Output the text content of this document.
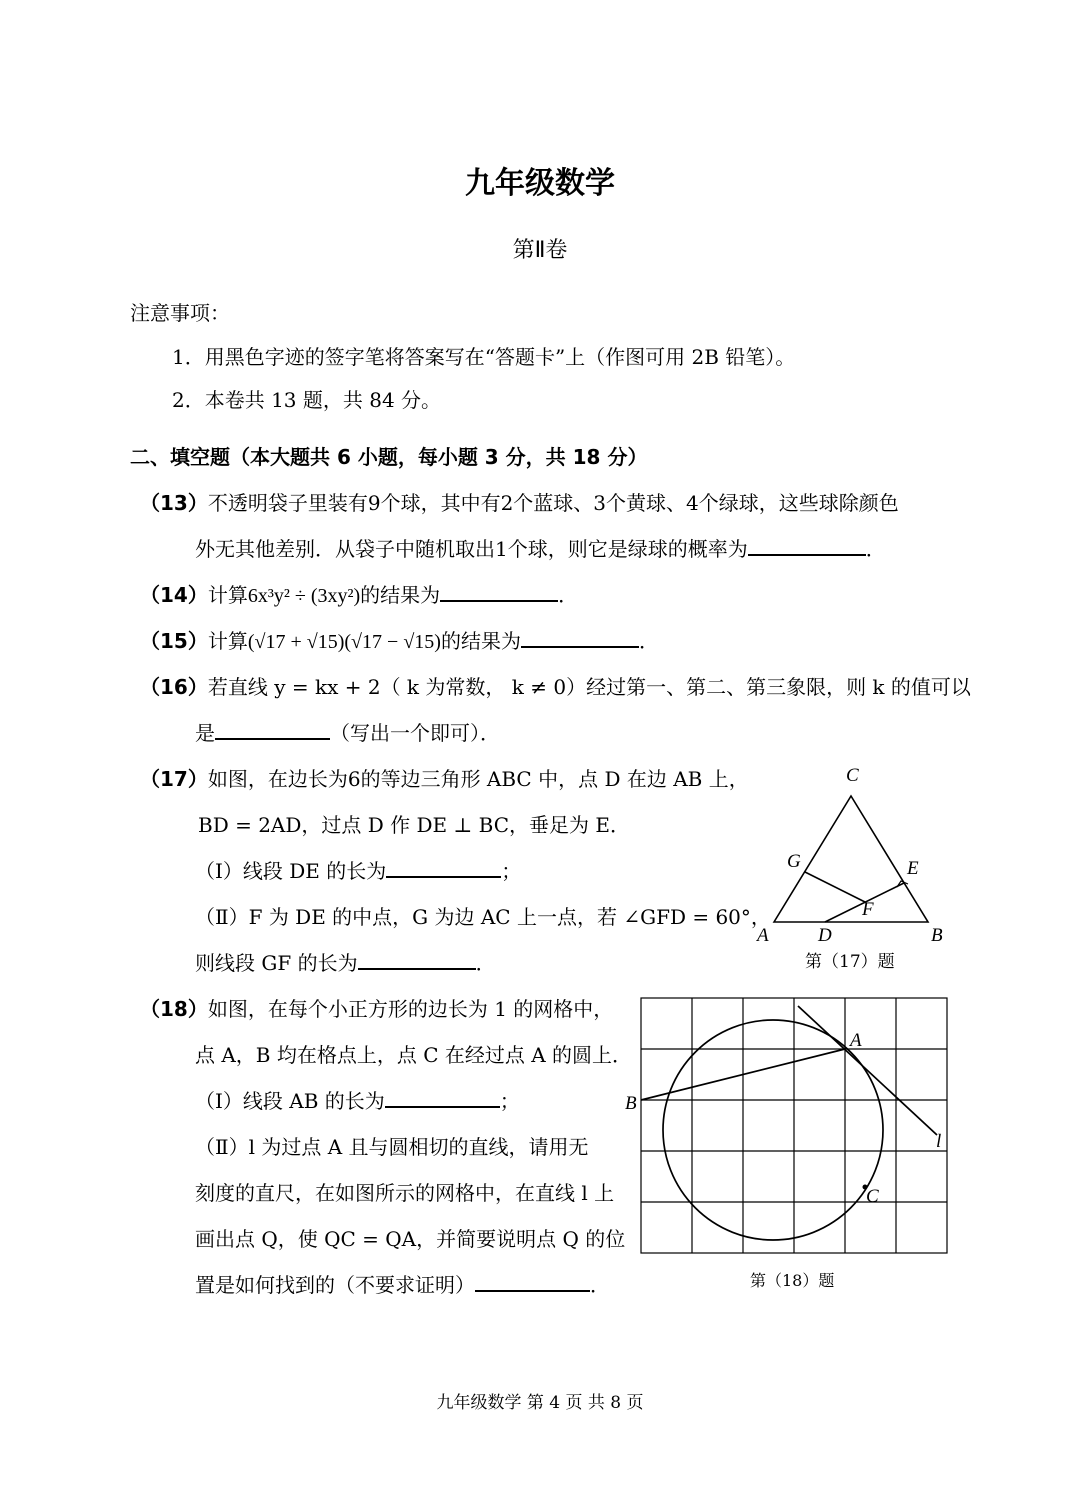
九年级数学
第Ⅱ卷
注意事项：
1．用黑色字迹的签字笔将答案写在“答题卡”上（作图可用 2B 铅笔）。
2．本卷共 13 题，共 84 分。
二、填空题（本大题共 6 小题，每小题 3 分，共 18 分）
（13）不透明袋子里装有9个球，其中有2个蓝球、3个黄球、4个绿球，这些球除颜色
外无其他差别．从袋子中随机取出1个球，则它是绿球的概率为	．
（14）计算6x³y² ÷ (3xy²)的结果为	．
（15）计算(√17 + √15)(√17 − √15)的结果为	．
（16）若直线 y = kx + 2（ k 为常数， k ≠ 0）经过第一、第二、第三象限，则 k 的值可以
是	（写出一个即可）．
（17）如图，在边长为6的等边三角形 ABC 中，点 D 在边 AB 上，
BD = 2AD，过点 D 作 DE ⊥ BC，垂足为 E．
（Ⅰ）线段 DE 的长为	；
（Ⅱ）F 为 DE 的中点，G 为边 AC 上一点，若 ∠GFD = 60°，
则线段 GF 的长为	．
C
G	E
F
A	D	B
第（17）题
（18）如图，在每个小正方形的边长为 1 的网格中，
点 A，B 均在格点上，点 C 在经过点 A 的圆上．
（Ⅰ）线段 AB 的长为	；
（Ⅱ）l 为过点 A 且与圆相切的直线，请用无
刻度的直尺，在如图所示的网格中，在直线 l 上
画出点 Q，使 QC = QA，并简要说明点 Q 的位
置是如何找到的（不要求证明）	．
A
B
C
l
第（18）题
九年级数学 第 4 页 共 8 页
